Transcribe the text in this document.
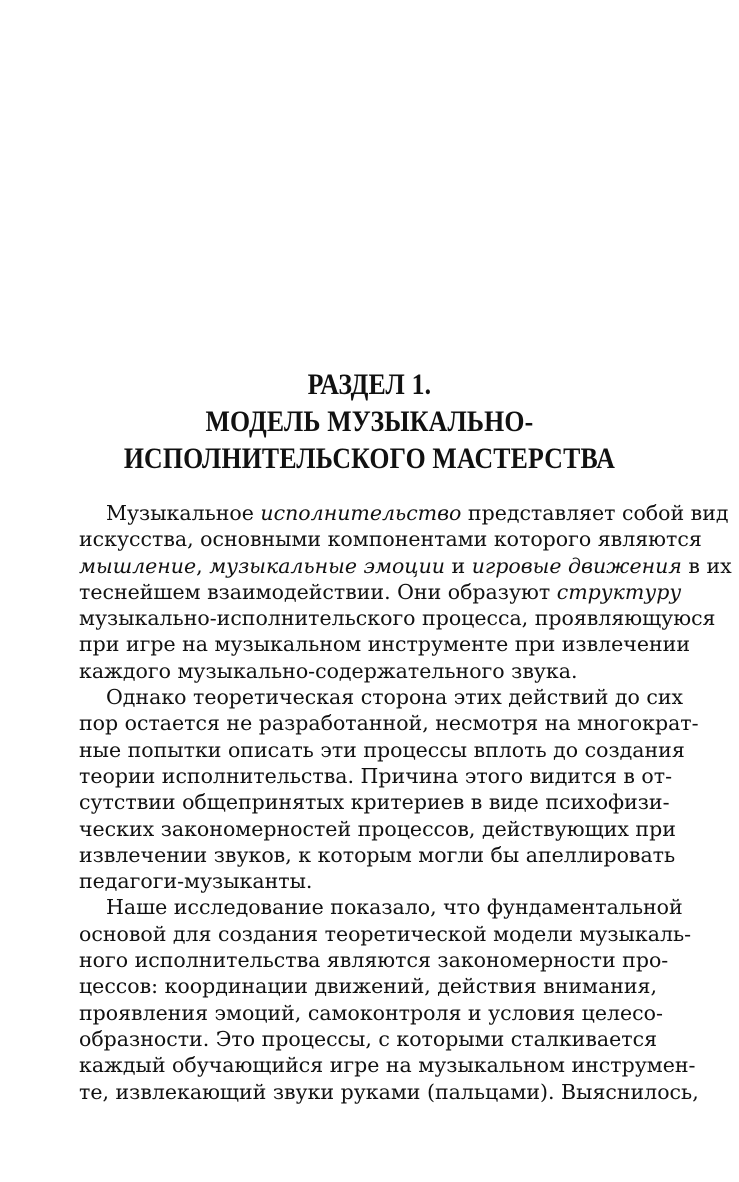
РАЗДЕЛ 1.
МОДЕЛЬ МУЗЫКАЛЬНО-
ИСПОЛНИТЕЛЬСКОГО МАСТЕРСТВА
Музыкальное исполнительство представляет собой вид
искусства, основными компонентами которого являются
мышление, музыкальные эмоции и игровые движения в их
теснейшем взаимодействии. Они образуют структуру
музыкально-исполнительского процесса, проявляющуюся
при игре на музыкальном инструменте при извлечении
каждого музыкально-содержательного звука.
Однако теоретическая сторона этих действий до сих
пор остается не разработанной, несмотря на многократ-
ные попытки описать эти процессы вплоть до создания
теории исполнительства. Причина этого видится в от-
сутствии общепринятых критериев в виде психофизи-
ческих закономерностей процессов, действующих при
извлечении звуков, к которым могли бы апеллировать
педагоги-музыканты.
Наше исследование показало, что фундаментальной
основой для создания теоретической модели музыкаль-
ного исполнительства являются закономерности про-
цессов: координации движений, действия внимания,
проявления эмоций, самоконтроля и условия целесо-
образности. Это процессы, с которыми сталкивается
каждый обучающийся игре на музыкальном инструмен-
те, извлекающий звуки руками (пальцами). Выяснилось,
